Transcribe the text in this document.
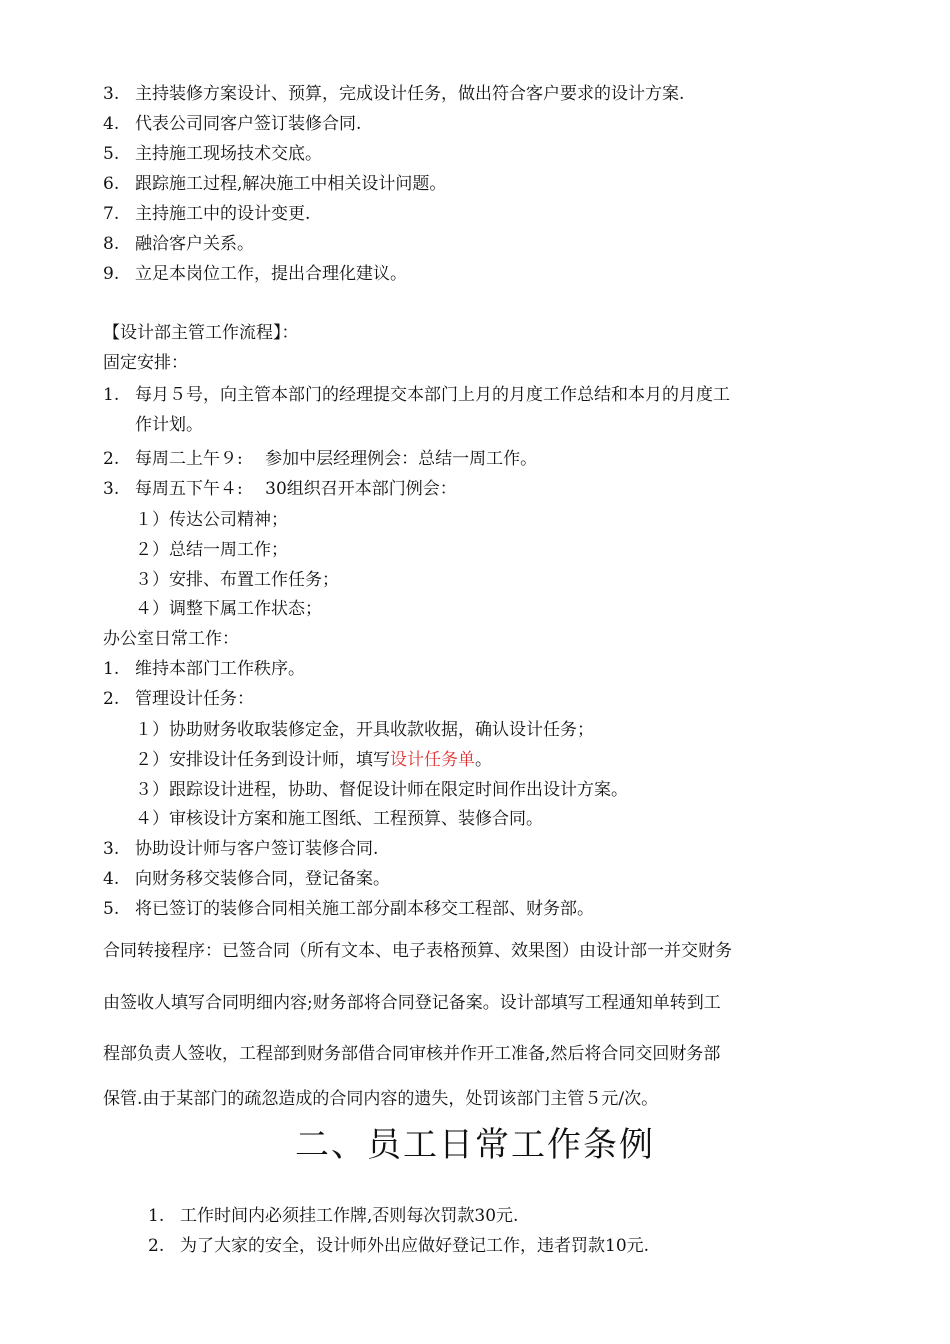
3. 主持装修方案设计、预算，完成设计任务，做出符合客户要求的设计方案.
4. 代表公司同客户签订装修合同.
5. 主持施工现场技术交底。
6. 跟踪施工过程,解决施工中相关设计问题。
7. 主持施工中的设计变更.
8. 融洽客户关系。
9. 立足本岗位工作，提出合理化建议。
【设计部主管工作流程】：
固定安排：
1. 每月５号，向主管本部门的经理提交本部门上月的月度工作总结和本月的月度工
作计划。
2. 每周二上午９:　 参加中层经理例会：总结一周工作。
3. 每周五下午４:　 30组织召开本部门例会：
１）传达公司精神；
２）总结一周工作；
３）安排、布置工作任务；
４）调整下属工作状态；
办公室日常工作：
1. 维持本部门工作秩序。
2. 管理设计任务：
１）协助财务收取装修定金，开具收款收据，确认设计任务；
２）安排设计任务到设计师，填写设计任务单。
３）跟踪设计进程，协助、督促设计师在限定时间作出设计方案。
４）审核设计方案和施工图纸、工程预算、装修合同。
3. 协助设计师与客户签订装修合同.
4. 向财务移交装修合同，登记备案。
5. 将已签订的装修合同相关施工部分副本移交工程部、财务部。
合同转接程序：已签合同（所有文本、电子表格预算、效果图）由设计部一并交财务
由签收人填写合同明细内容;财务部将合同登记备案。设计部填写工程通知单转到工
程部负责人签收，工程部到财务部借合同审核并作开工准备,然后将合同交回财务部
保管.由于某部门的疏忽造成的合同内容的遗失，处罚该部门主管５元/次。
二、员工日常工作条例
1. 工作时间内必须挂工作牌,否则每次罚款30元.
2. 为了大家的安全，设计师外出应做好登记工作，违者罚款10元.
